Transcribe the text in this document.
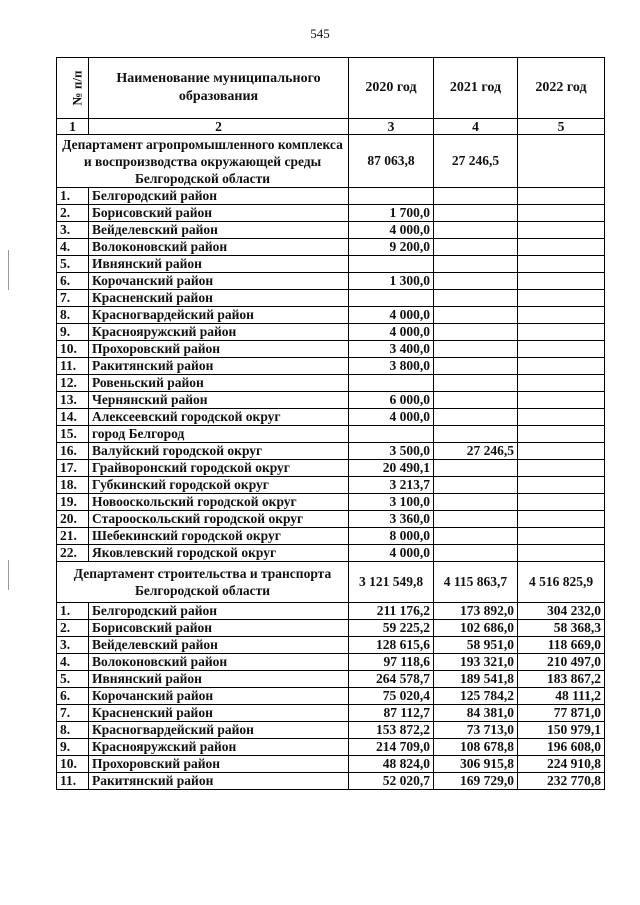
545
№ п/п	Наименование муниципального образования	2020 год	2021 год	2022 год
1	2	3	4	5
Департамент агропромышленного комплекса и воспроизводства окружающей среды Белгородской области		87 063,8	27 246,5	
1.	Белгородский район			
2.	Борисовский район	1 700,0		
3.	Вейделевский район	4 000,0		
4.	Волоконовский район	9 200,0		
5.	Ивнянский район			
6.	Корочанский район	1 300,0		
7.	Красненский район			
8.	Красногвардейский район	4 000,0		
9.	Краснояружский район	4 000,0		
10.	Прохоровский район	3 400,0		
11.	Ракитянский район	3 800,0		
12.	Ровеньский район			
13.	Чернянский район	6 000,0		
14.	Алексеевский городской округ	4 000,0		
15.	город Белгород			
16.	Валуйский городской округ	3 500,0	27 246,5	
17.	Грайворонский городской округ	20 490,1		
18.	Губкинский городской округ	3 213,7		
19.	Новооскольский городской округ	3 100,0		
20.	Старооскольский городской округ	3 360,0		
21.	Шебекинский городской округ	8 000,0		
22.	Яковлевский городской округ	4 000,0		
Департамент строительства и транспорта Белгородской области		3 121 549,8	4 115 863,7	4 516 825,9
1.	Белгородский район	211 176,2	173 892,0	304 232,0
2.	Борисовский район	59 225,2	102 686,0	58 368,3
3.	Вейделевский район	128 615,6	58 951,0	118 669,0
4.	Волоконовский район	97 118,6	193 321,0	210 497,0
5.	Ивнянский район	264 578,7	189 541,8	183 867,2
6.	Корочанский район	75 020,4	125 784,2	48 111,2
7.	Красненский район	87 112,7	84 381,0	77 871,0
8.	Красногвардейский район	153 872,2	73 713,0	150 979,1
9.	Краснояружский район	214 709,0	108 678,8	196 608,0
10.	Прохоровский район	48 824,0	306 915,8	224 910,8
11.	Ракитянский район	52 020,7	169 729,0	232 770,8
